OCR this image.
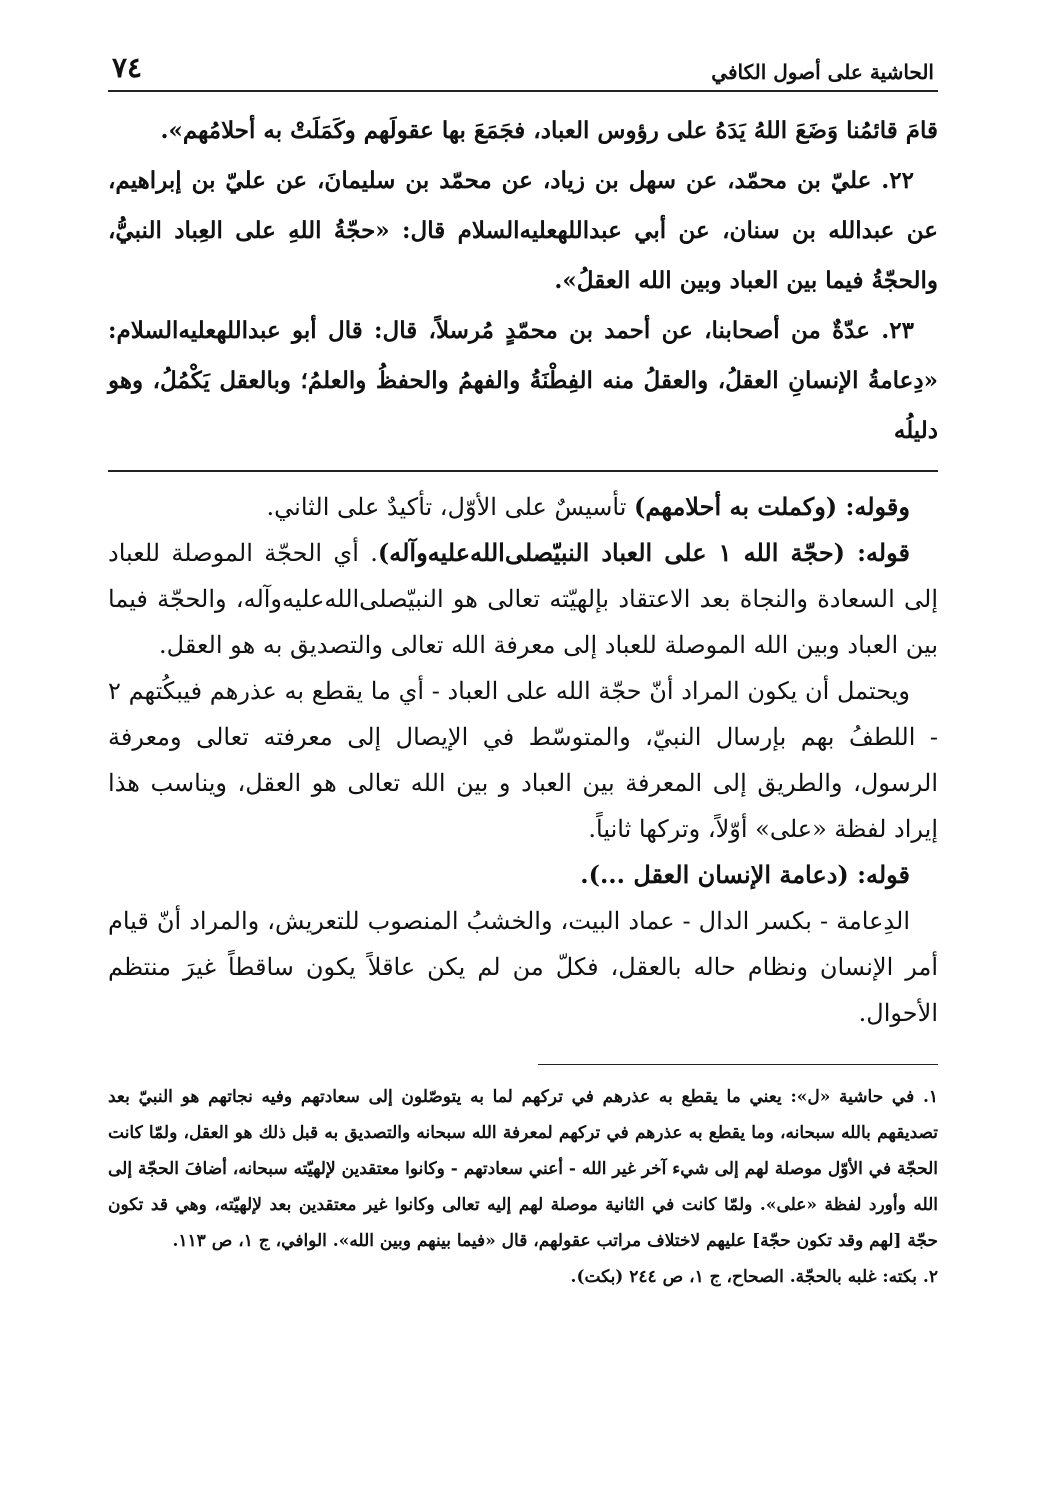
الحاشية على أصول الكافي
٧٤

قامَ قائمُنا وَضَعَ اللهُ يَدَهُ على رؤوس العباد، فجَمَعَ بها عقولَهم وكَمَلَتْ به أحلامُهم».

٢٢. عليّ بن محمّد، عن سهل بن زياد، عن محمّد بن سليمانَ، عن عليّ بن إبراهيم، عن عبدالله بن سنان، عن أبي عبداللهعليه‌السلام قال: «حجّةُ اللهِ على العِباد النبيُّ، والحجّةُ فيما بين العباد وبين الله العقلُ».

٢٣. عدّةٌ من أصحابنا، عن أحمد بن محمّدٍ مُرسلاً، قال: قال أبو عبداللهعليه‌السلام: «دِعامةُ الإنسانِ العقلُ، والعقلُ منه الفِطْنَةُ والفهمُ والحفظُ والعلمُ؛ وبالعقل يَكْمُلُ، وهو دليلُه

وقوله: (وكملت به أحلامهم) تأسيسٌ على الأوّل، تأكيدٌ على الثاني.

قوله: (حجّة الله ١ على العباد النبيّصلى‌الله‌عليه‌وآله). أي الحجّة الموصلة للعباد إلى السعادة والنجاة بعد الاعتقاد بإلهيّته تعالى هو النبيّصلى‌الله‌عليه‌وآله، والحجّة فيما بين العباد وبين الله الموصلة للعباد إلى معرفة الله تعالى والتصديق به هو العقل.

ويحتمل أن يكون المراد أنّ حجّة الله على العباد - أي ما يقطع به عذرهم فيبكُتهم ٢ - اللطفُ بهم بإرسال النبيّ، والمتوسّط في الإيصال إلى معرفته تعالى ومعرفة الرسول، والطريق إلى المعرفة بين العباد و بين الله تعالى هو العقل، ويناسب هذا إيراد لفظة «على» أوّلاً، وتركها ثانياً.

قوله: (دعامة الإنسان العقل ...).

الدِعامة - بكسر الدال - عماد البيت، والخشبُ المنصوب للتعريش، والمراد أنّ قيام أمر الإنسان ونظام حاله بالعقل، فكلّ من لم يكن عاقلاً يكون ساقطاً غيرَ منتظم الأحوال.

١. في حاشية «ل»: يعني ما يقطع به عذرهم في تركهم لما به يتوصّلون إلى سعادتهم وفيه نجاتهم هو النبيّ بعد تصديقهم بالله سبحانه، وما يقطع به عذرهم في تركهم لمعرفة الله سبحانه والتصديق به قبل ذلك هو العقل، ولمّا كانت الحجّة في الأوّل موصلة لهم إلى شيء آخر غير الله - أعني سعادتهم - وكانوا معتقدين لإلهيّته سبحانه، أضافَ الحجّة إلى الله وأورد لفظة «على». ولمّا كانت في الثانية موصلة لهم إليه تعالى وكانوا غير معتقدين بعد لإلهيّته، وهي قد تكون حجّة [لهم وقد تكون حجّة] عليهم لاختلاف مراتب عقولهم، قال «فيما بينهم وبين الله». الوافي، ج ١، ص ١١٣.

٢. بكته: غلبه بالحجّة. الصحاح، ج ١، ص ٢٤٤ (بكت).
